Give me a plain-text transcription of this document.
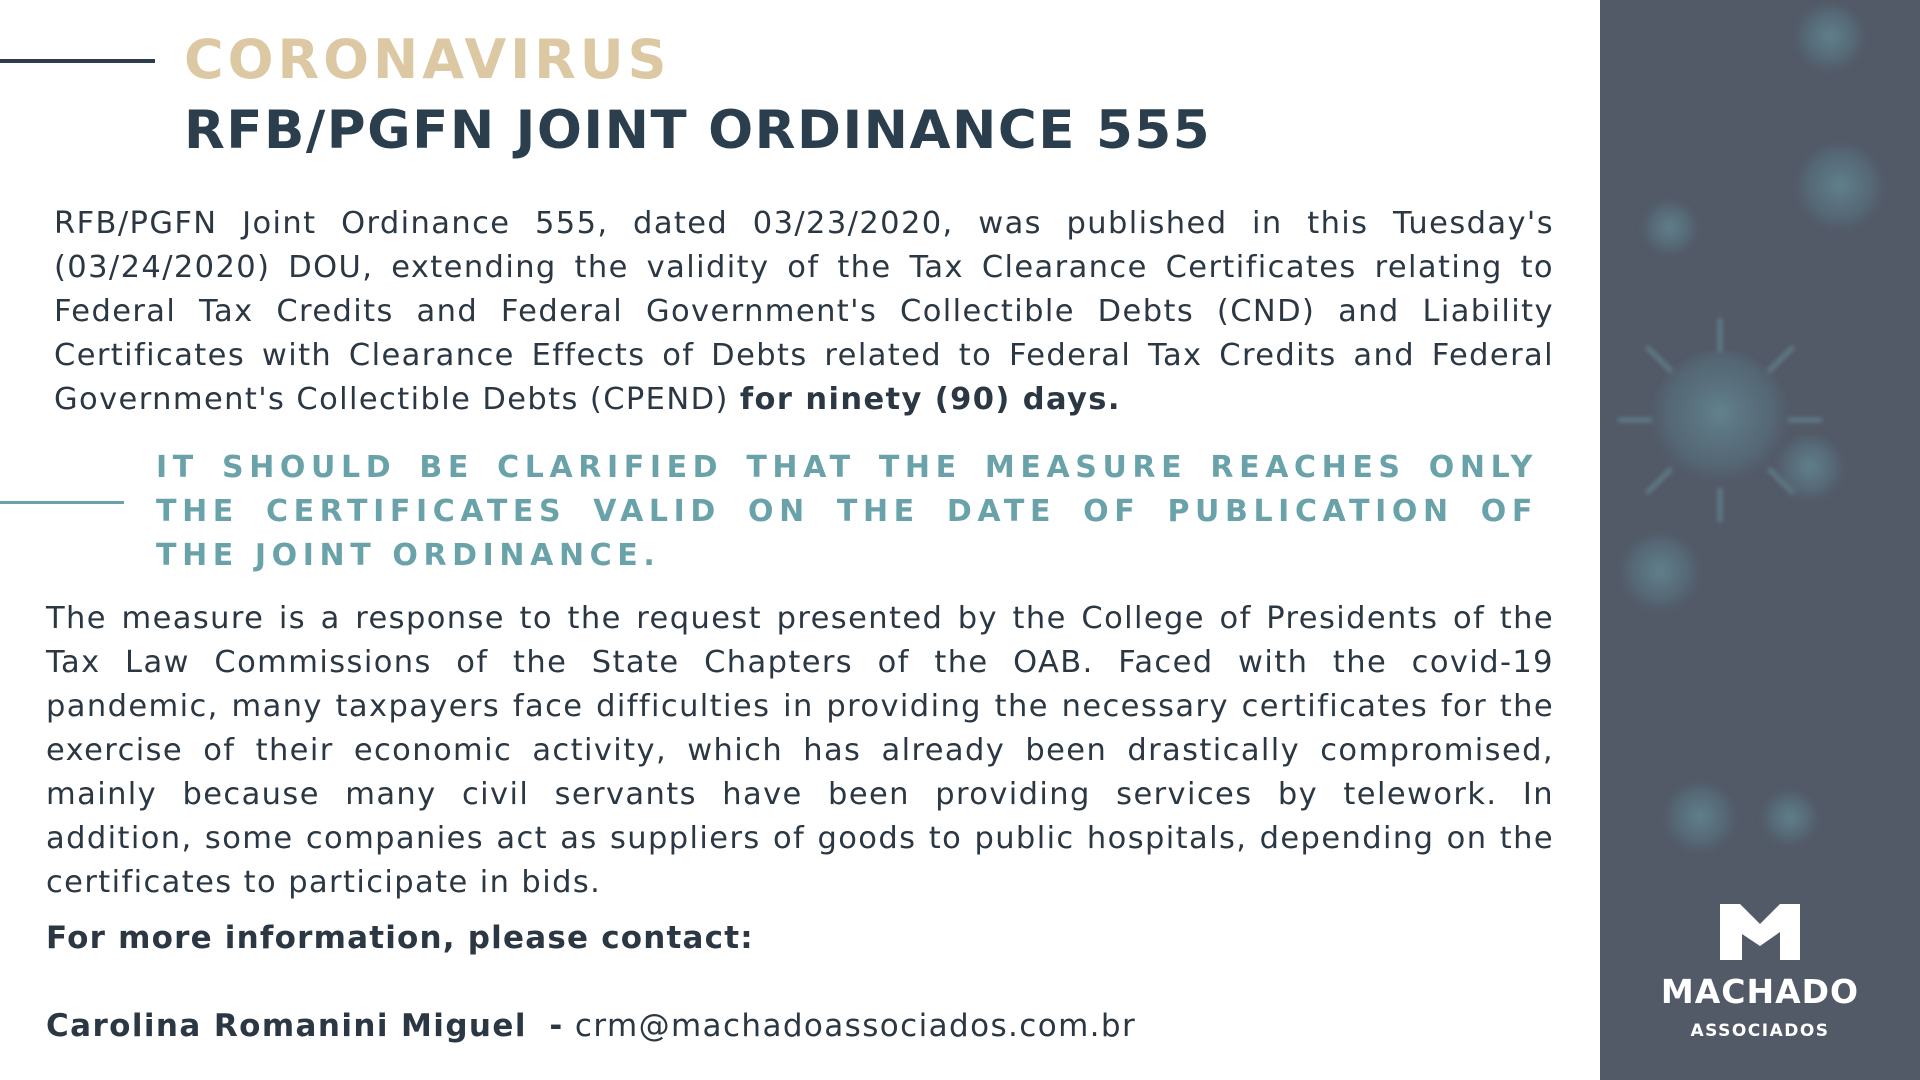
CORONAVIRUS
RFB/PGFN JOINT ORDINANCE 555
RFB/PGFN Joint Ordinance 555, dated 03/23/2020, was published in this Tuesday's (03/24/2020) DOU, extending the validity of the Tax Clearance Certificates relating to Federal Tax Credits and Federal Government's Collectible Debts (CND) and Liability Certificates with Clearance Effects of Debts related to Federal Tax Credits and Federal Government's Collectible Debts (CPEND) for ninety (90) days.
IT SHOULD BE CLARIFIED THAT THE MEASURE REACHES ONLY THE CERTIFICATES VALID ON THE DATE OF PUBLICATION OF THE JOINT ORDINANCE.
The measure is a response to the request presented by the College of Presidents of the Tax Law Commissions of the State Chapters of the OAB. Faced with the covid-19 pandemic, many taxpayers face difficulties in providing the necessary certificates for the exercise of their economic activity, which has already been drastically compromised, mainly because many civil servants have been providing services by telework. In addition, some companies act as suppliers of goods to public hospitals, depending on the certificates to participate in bids.
For more information, please contact:
Carolina Romanini Miguel - crm@machadoassociados.com.br
MACHADO
ASSOCIADOS
